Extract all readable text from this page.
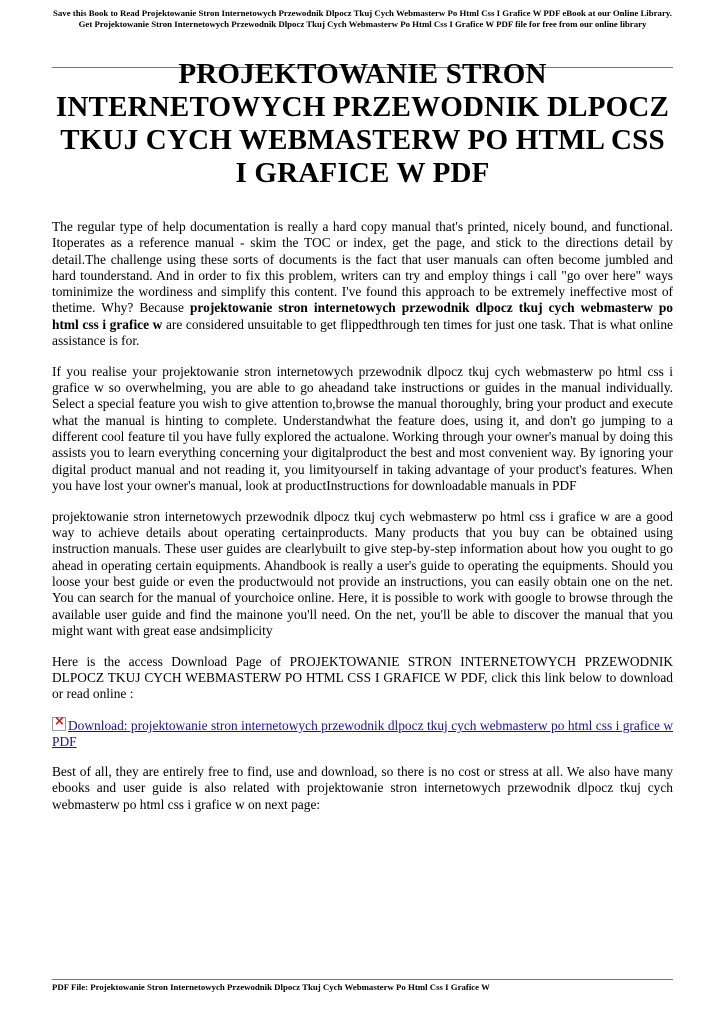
Save this Book to Read Projektowanie Stron Internetowych Przewodnik Dlpocz Tkuj Cych Webmasterw Po Html Css I Grafice W PDF eBook at our Online Library. Get Projektowanie Stron Internetowych Przewodnik Dlpocz Tkuj Cych Webmasterw Po Html Css I Grafice W PDF file for free from our online library
PROJEKTOWANIE STRON INTERNETOWYCH PRZEWODNIK DLPOCZ TKUJ CYCH WEBMASTERW PO HTML CSS I GRAFICE W PDF

The regular type of help documentation is really a hard copy manual that's printed, nicely bound, and functional. Itoperates as a reference manual - skim the TOC or index, get the page, and stick to the directions detail by detail.The challenge using these sorts of documents is the fact that user manuals can often become jumbled and hard tounderstand. And in order to fix this problem, writers can try and employ things i call "go over here" ways tominimize the wordiness and simplify this content. I've found this approach to be extremely ineffective most of thetime. Why? Because projektowanie stron internetowych przewodnik dlpocz tkuj cych webmasterw po html css i grafice w are considered unsuitable to get flippedthrough ten times for just one task. That is what online assistance is for.

If you realise your projektowanie stron internetowych przewodnik dlpocz tkuj cych webmasterw po html css i grafice w so overwhelming, you are able to go aheadand take instructions or guides in the manual individually. Select a special feature you wish to give attention to,browse the manual thoroughly, bring your product and execute what the manual is hinting to complete. Understandwhat the feature does, using it, and don't go jumping to a different cool feature til you have fully explored the actualone. Working through your owner's manual by doing this assists you to learn everything concerning your digitalproduct the best and most convenient way. By ignoring your digital product manual and not reading it, you limityourself in taking advantage of your product's features. When you have lost your owner's manual, look at productInstructions for downloadable manuals in PDF

projektowanie stron internetowych przewodnik dlpocz tkuj cych webmasterw po html css i grafice w are a good way to achieve details about operating certainproducts. Many products that you buy can be obtained using instruction manuals. These user guides are clearlybuilt to give step-by-step information about how you ought to go ahead in operating certain equipments. Ahandbook is really a user's guide to operating the equipments. Should you loose your best guide or even the productwould not provide an instructions, you can easily obtain one on the net. You can search for the manual of yourchoice online. Here, it is possible to work with google to browse through the available user guide and find the mainone you'll need. On the net, you'll be able to discover the manual that you might want with great ease andsimplicity

Here is the access Download Page of PROJEKTOWANIE STRON INTERNETOWYCH PRZEWODNIK DLPOCZ TKUJ CYCH WEBMASTERW PO HTML CSS I GRAFICE W PDF, click this link below to download or read online :

×Download: projektowanie stron internetowych przewodnik dlpocz tkuj cych webmasterw po html css i grafice w PDF

Best of all, they are entirely free to find, use and download, so there is no cost or stress at all. We also have many ebooks and user guide is also related with projektowanie stron internetowych przewodnik dlpocz tkuj cych webmasterw po html css i grafice w on next page:

PDF File: Projektowanie Stron Internetowych Przewodnik Dlpocz Tkuj Cych Webmasterw Po Html Css I Grafice W
